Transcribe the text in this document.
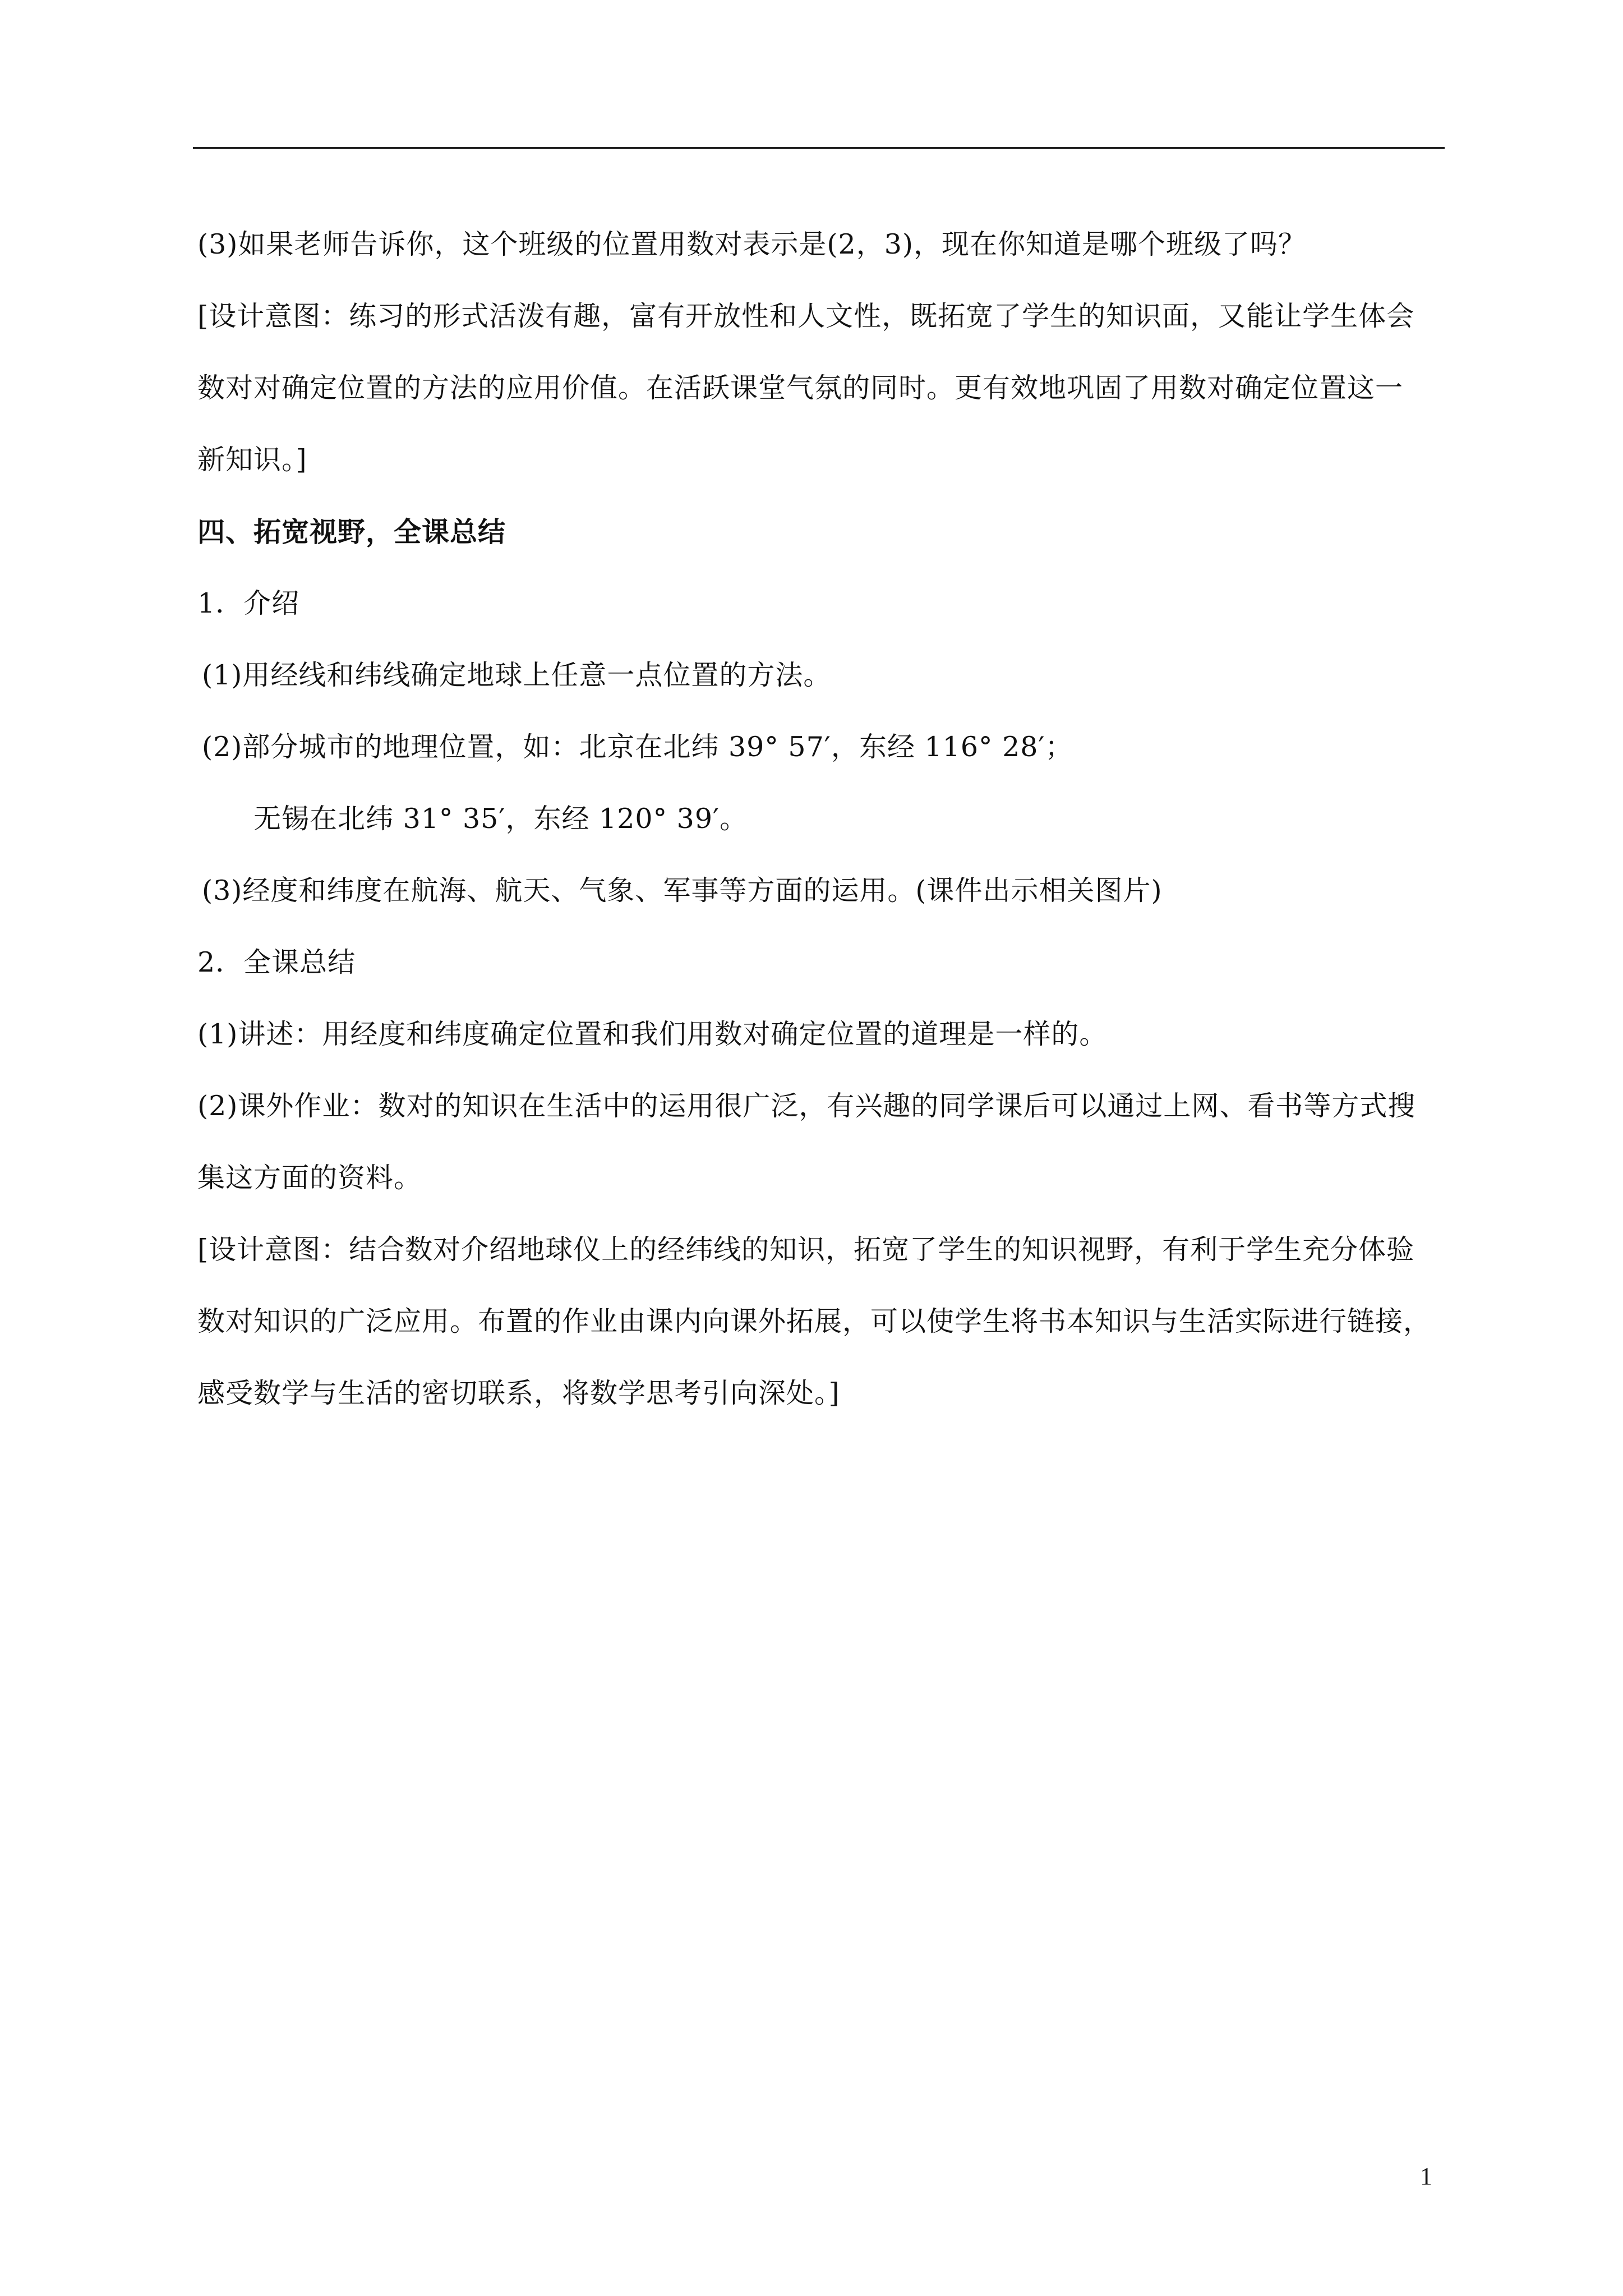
(3)如果老师告诉你，这个班级的位置用数对表示是(2，3)，现在你知道是哪个班级了吗？
[设计意图：练习的形式活泼有趣，富有开放性和人文性，既拓宽了学生的知识面，又能让学生体会
数对对确定位置的方法的应用价值。在活跃课堂气氛的同时。更有效地巩固了用数对确定位置这一
新知识。]
四、拓宽视野，全课总结
1．介绍
(1)用经线和纬线确定地球上任意一点位置的方法。
(2)部分城市的地理位置，如：北京在北纬 39° 57′，东经 116° 28′；
无锡在北纬 31° 35′，东经 120° 39′。
(3)经度和纬度在航海、航天、气象、军事等方面的运用。(课件出示相关图片)
2．全课总结
(1)讲述：用经度和纬度确定位置和我们用数对确定位置的道理是一样的。
(2)课外作业：数对的知识在生活中的运用很广泛，有兴趣的同学课后可以通过上网、看书等方式搜
集这方面的资料。
[设计意图：结合数对介绍地球仪上的经纬线的知识，拓宽了学生的知识视野，有利于学生充分体验
数对知识的广泛应用。布置的作业由课内向课外拓展，可以使学生将书本知识与生活实际进行链接，
感受数学与生活的密切联系，将数学思考引向深处。]
1
